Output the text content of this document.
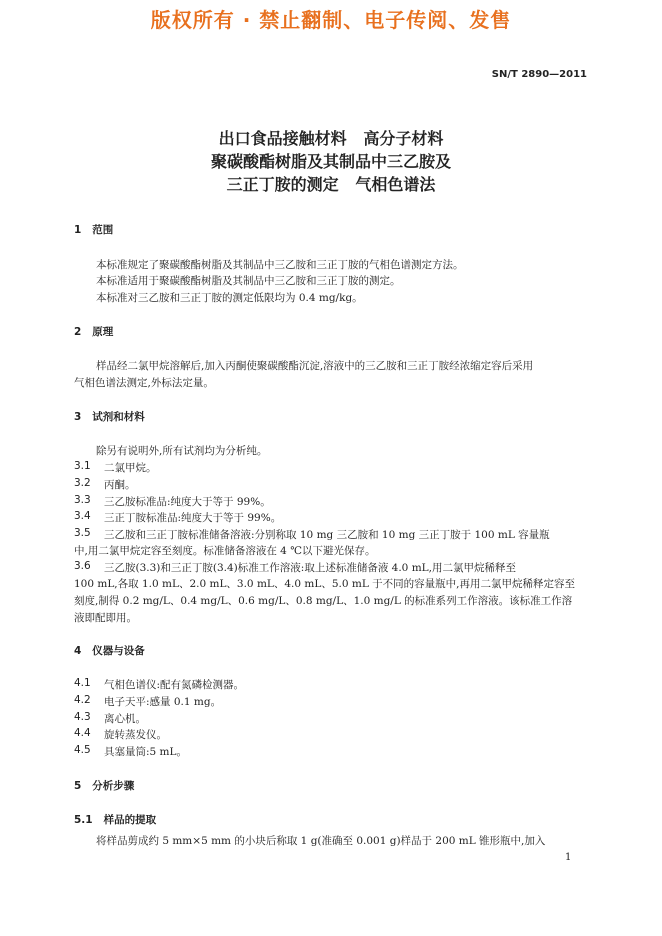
版权所有 · 禁止翻制、电子传阅、发售
SN/T 2890—2011
出口食品接触材料   高分子材料
聚碳酸酯树脂及其制品中三乙胺及
三正丁胺的测定   气相色谱法
1   范围
本标准规定了聚碳酸酯树脂及其制品中三乙胺和三正丁胺的气相色谱测定方法。
本标准适用于聚碳酸酯树脂及其制品中三乙胺和三正丁胺的测定。
本标准对三乙胺和三正丁胺的测定低限均为 0.4 mg/kg。
2   原理
样品经二氯甲烷溶解后,加入丙酮使聚碳酸酯沉淀,溶液中的三乙胺和三正丁胺经浓缩定容后采用
气相色谱法测定,外标法定量。
3   试剂和材料
除另有说明外,所有试剂均为分析纯。
3.1 二氯甲烷。
3.2 丙酮。
3.3 三乙胺标准品:纯度大于等于 99%。
3.4 三正丁胺标准品:纯度大于等于 99%。
3.5 三乙胺和三正丁胺标准储备溶液:分别称取 10 mg 三乙胺和 10 mg 三正丁胺于 100 mL 容量瓶
中,用二氯甲烷定容至刻度。标准储备溶液在 4 ℃以下避光保存。
3.6 三乙胺(3.3)和三正丁胺(3.4)标准工作溶液:取上述标准储备液 4.0 mL,用二氯甲烷稀释至
100 mL,各取 1.0 mL、2.0 mL、3.0 mL、4.0 mL、5.0 mL 于不同的容量瓶中,再用二氯甲烷稀释定容至
刻度,制得 0.2 mg/L、0.4 mg/L、0.6 mg/L、0.8 mg/L、1.0 mg/L 的标准系列工作溶液。该标准工作溶
液即配即用。
4   仪器与设备
4.1 气相色谱仪:配有氮磷检测器。
4.2 电子天平:感量 0.1 mg。
4.3 离心机。
4.4 旋转蒸发仪。
4.5 具塞量筒:5 mL。
5   分析步骤
5.1   样品的提取
将样品剪成约 5 mm×5 mm 的小块后称取 1 g(准确至 0.001 g)样品于 200 mL 锥形瓶中,加入
1
